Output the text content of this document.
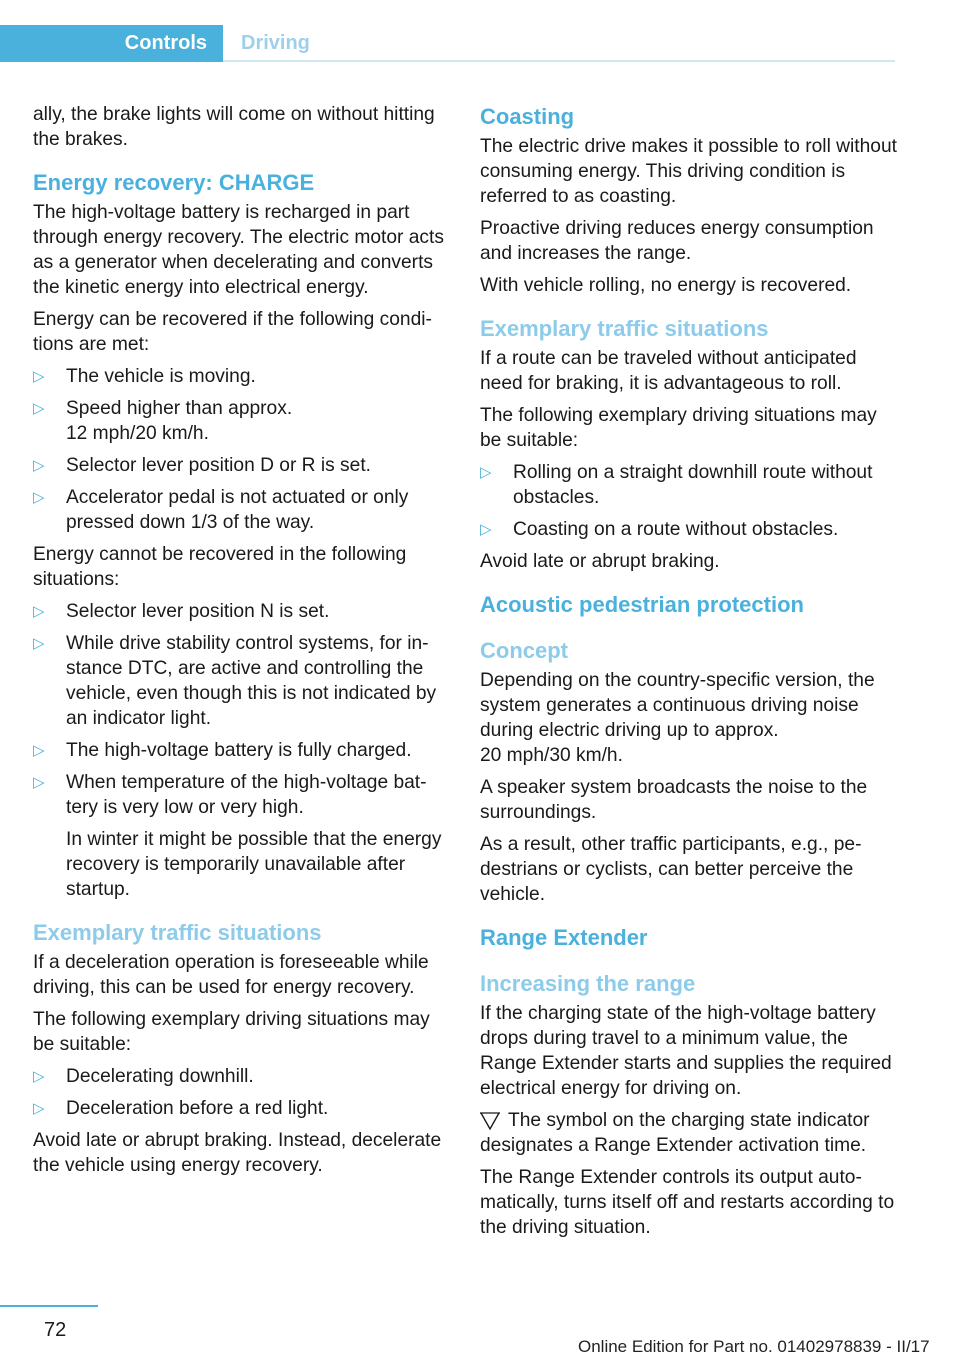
Controls	Driving

ally, the brake lights will come on without hitting the brakes.

Energy recovery: CHARGE

The high-voltage battery is recharged in part through energy recovery. The electric motor acts as a generator when decelerating and converts the kinetic energy into electrical energy.

Energy can be recovered if the following conditions are met:

▷ The vehicle is moving.
▷ Speed higher than approx.
12 mph/20 km/h.
▷ Selector lever position D or R is set.
▷ Accelerator pedal is not actuated or only pressed down 1/3 of the way.

Energy cannot be recovered in the following situations:

▷ Selector lever position N is set.
▷ While drive stability control systems, for instance DTC, are active and controlling the vehicle, even though this is not indicated by an indicator light.
▷ The high-voltage battery is fully charged.
▷ When temperature of the high-voltage battery is very low or very high.
In winter it might be possible that the energy recovery is temporarily unavailable after startup.
Exemplary traffic situations

If a deceleration operation is foreseeable while driving, this can be used for energy recovery.

The following exemplary driving situations may be suitable:

▷ Decelerating downhill.
▷ Deceleration before a red light.

Avoid late or abrupt braking. Instead, decelerate the vehicle using energy recovery.

Coasting

The electric drive makes it possible to roll without consuming energy. This driving condition is referred to as coasting.

Proactive driving reduces energy consumption and increases the range.

With vehicle rolling, no energy is recovered.

Exemplary traffic situations

If a route can be traveled without anticipated need for braking, it is advantageous to roll.

The following exemplary driving situations may be suitable:

▷ Rolling on a straight downhill route without obstacles.
▷ Coasting on a route without obstacles.

Avoid late or abrupt braking.

Acoustic pedestrian protection
Concept

Depending on the country-specific version, the system generates a continuous driving noise during electric driving up to approx.
20 mph/30 km/h.

A speaker system broadcasts the noise to the surroundings.

As a result, other traffic participants, e.g., pedestrians or cyclists, can better perceive the vehicle.

Range Extender
Increasing the range

If the charging state of the high-voltage battery drops during travel to a minimum value, the Range Extender starts and supplies the required electrical energy for driving on.

The symbol on the charging state indicator designates a Range Extender activation time.

The Range Extender controls its output automatically, turns itself off and restarts according to the driving situation.

72
Online Edition for Part no. 01402978839 - II/17
